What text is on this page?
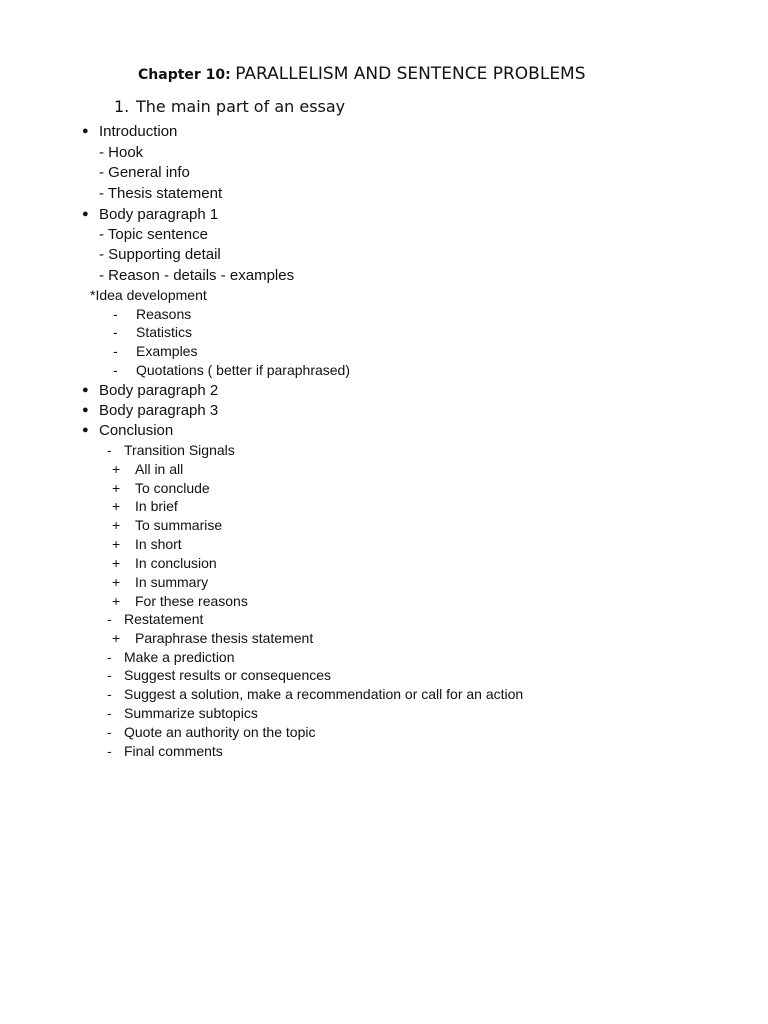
Chapter 10: PARALLELISM AND SENTENCE PROBLEMS
1. The main part of an essay
● Introduction
- Hook
- General info
- Thesis statement
● Body paragraph 1
- Topic sentence
- Supporting detail
- Reason - details - examples
*Idea development
- Reasons
- Statistics
- Examples
- Quotations ( better if paraphrased)
● Body paragraph 2
● Body paragraph 3
● Conclusion
- Transition Signals
+ All in all
+ To conclude
+ In brief
+ To summarise
+ In short
+ In conclusion
+ In summary
+ For these reasons
- Restatement
+ Paraphrase thesis statement
- Make a prediction
- Suggest results or consequences
- Suggest a solution, make a recommendation or call for an action
- Summarize subtopics
- Quote an authority on the topic
- Final comments
